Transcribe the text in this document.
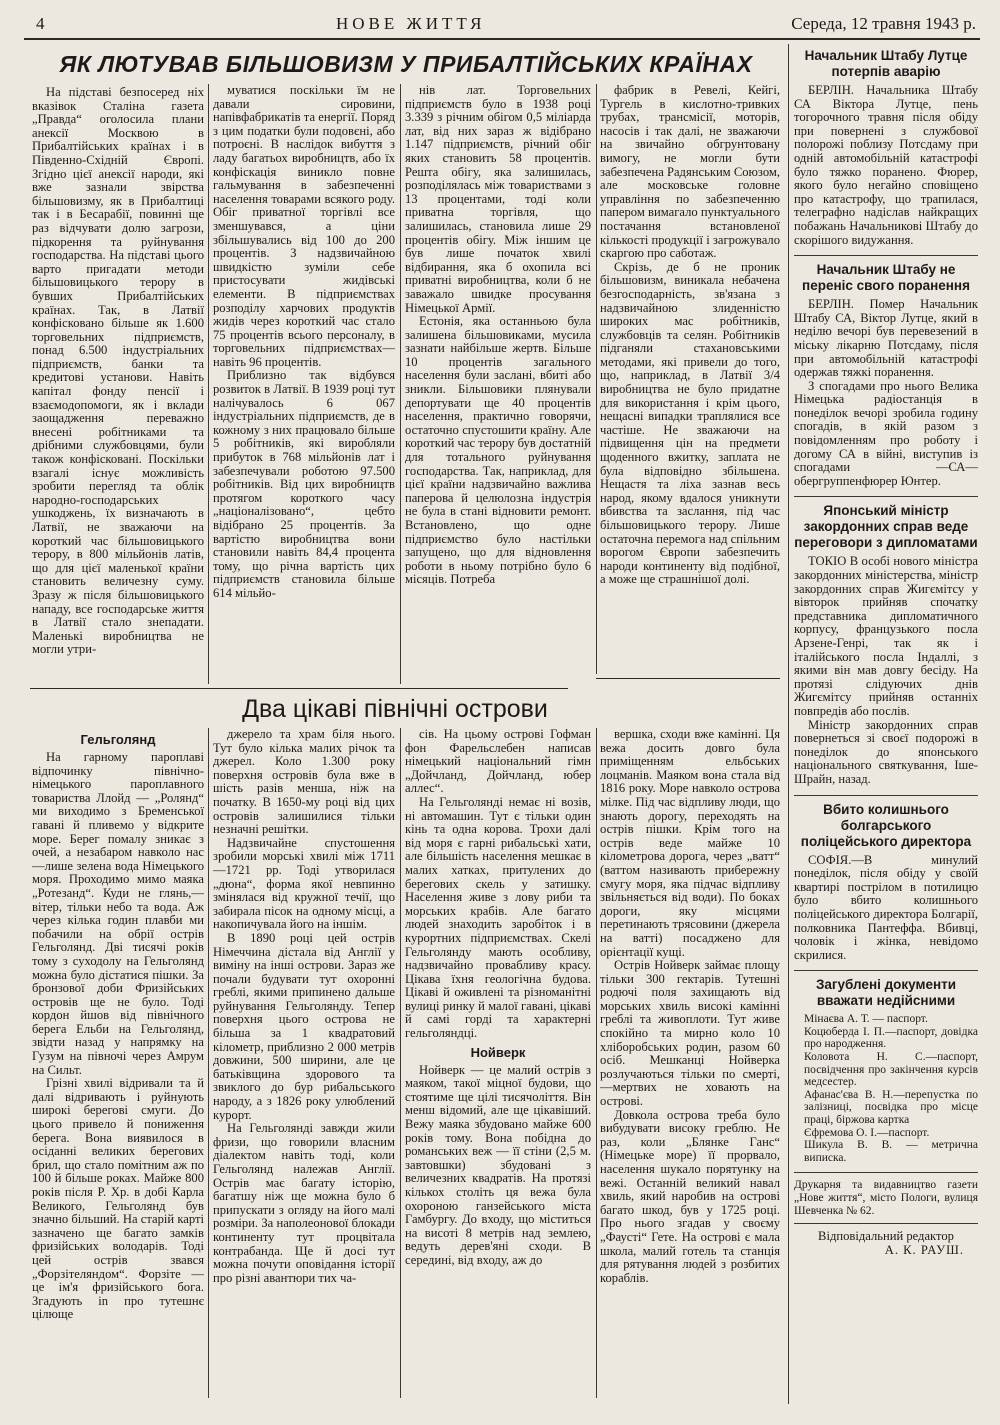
4	НОВЕ ЖИТТЯ	Середа, 12 травня 1943 р.
ЯК ЛЮТУВАВ БІЛЬШОВИЗМ У ПРИБАЛТІЙСЬКИХ КРАЇНАХ

На підставі безпосеред ніх вказівок Сталіна газета „Правда“ оголосила плани анексії Москвою в Прибалтійських країнах і в Південно-Східній Європі. Згідно цієї анексії народи, які вже зазнали звірства більшовизму, як в Прибалтиці так і в Бесарабії, повинні ще раз відчувати долю загрози, підкорення та руйнування господарства. На підставі цього варто пригадати методи більшовицького терору в бувших Прибалтійських країнах. Так, в Латвії конфісковано більше як 1.600 торговельних підприємств, понад 6.500 індустріальних підприємств, банки та кредитові установи. Навіть капітал фонду пенсії і взаємодопомоги, як і вклади заощадження переважно внесені робітниками та дрібними службовцями, були також конфісковані. Поскільки взагалі існує можливість зробити перегляд та облік народно-господарських ушкоджень, їх визначають в Латвії, не зважаючи на короткий час більшовицького терору, в 800 мільйонів латів, що для цієї маленької країни становить величезну суму. Зразу ж після більшовицького нападу, все господарське життя в Латвії стало знепадати. Маленькі виробництва не могли утри-

муватися поскільки їм не давали сировини, напівфабрикатів та енергії. Поряд з цим податки були подовєні, або потроєні. В наслідок вибуття з ладу багатьох виробництв, або їх конфіскація виникло повне гальмування в забезпеченні населення товарами всякого роду. Обіг приватної торгівлі все зменшувався, а ціни збільшувались від 100 до 200 процентів. З надзвичайною швидкістю зуміли себе пристосувати жидівські елементи. В підприємствах розподілу харчових продуктів жидів через короткий час стало 75 процентів всього персоналу, в торговельних підприємствах—навіть 96 процентів.

Приблизно так відбувся розвиток в Латвії. В 1939 році тут налічувалось 6 067 індустріальних підприємств, де в кожному з них працювало більше 5 робітників, які виробляли прибуток в 768 мільйонів лат і забезпечували роботою 97.500 робітників. Від цих виробництв протягом короткого часу „націоналізовано“, цебто відібрано 25 процентів. За вартістю виробництва вони становили навіть 84,4 процента тому, що річна вартість цих підприємств становила більше 614 мільйо-

нів лат. Торговельних підприємств було в 1938 році 3.339 з річним обігом 0,5 міліарда лат, від них зараз ж відібрано 1.147 підприємств, річний обіг яких становить 58 процентів. Решта обігу, яка залишилась, розподілялась між товариствами з 13 процентами, тоді коли приватна торгівля, що залишилась, становила лише 29 процентів обігу. Між іншим це був лише початок хвилі відбирання, яка б охопила всі приватні виробництва, коли б не заважало швидке просування Німецької Армії.

Естонія, яка останньою була залишена більшовиками, мусила зазнати найбільше жертв. Більше 10 процентів загального населення були заслані, вбиті або зникли. Більшовики плянували депортувати ще 40 процентів населення, практично говорячи, остаточно спустошити країну. Але короткий час терору був достатній для тотального руйнування господарства. Так, наприклад, для цієї країни надзвичайно важлива паперова й целюлозна індустрія не була в стані відновити ремонт. Встановлено, що одне підприємство було настільки запущено, що для відновлення роботи в ньому потрібно було 6 місяців. Потреба

фабрик в Ревелі, Кейгі, Тургель в кислотно-тривких трубах, трансмісії, моторів, насосів і так далі, не зважаючи на звичайно обгрунтовану вимогу, не могли бути забезпечена Радянським Союзом, але московське головне управління по забезпеченню папером вимагало пунктуального постачання встановленої кількості продукції і загрожувало скаргою про саботаж.

Скрізь, де б не проник більшовизм, виникала небачена безгосподарність, зв'язана з надзвичайною злиденністю широких мас робітників, службовців та селян. Робітників підганяли стахановськими методами, які привели до того, що, наприклад, в Латвії 3/4 виробництва не було придатне для використання і крім цього, нещасні випадки траплялися все частіше. Не зважаючи на підвищення цін на предмети щоденного вжитку, заплата не була відповідно збільшена. Нещастя та ліха зазнав весь народ, якому вдалося уникнути вбивства та заслання, під час більшовицького терору. Лише остаточна перемога над спільним ворогом Європи забезпечить народи континенту від подібної, а може ще страшнішої долі.

Два цікаві північні острови
Гельголянд

На гарному пароплаві відпочинку північно-німецького пароплавного товариства Ллойд — „Ролянд“ ми виходимо з Бременської гавані й пливемо у відкрите море. Берег помалу зникає з очей, а незабаром навколо нас—лише зелена вода Німецького моря. Проходимо мимо маяка „Ротезанд“. Куди не глянь,—вітер, тільки небо та вода. Аж через кілька годин плавби ми побачили на обрії острів Гельголянд. Дві тисячі років тому з суходолу на Гельголянд можна було дістатися пішки. За бронзової доби Фризійських островів ще не було. Тоді кордон йшов від північного берега Ельби на Гельголянд, звідти назад у напрямку на Гузум на півночі через Амрум на Сильт.

Грізні хвилі відривали та й далі відривають і руйнують широкі берегові смуги. До цього привело й пониження берега. Вона виявилося в осіданні великих берегових брил, що стало помітним аж по 100 й більше роках. Майже 800 років після Р. Хр. в добі Карла Великого, Гельголянд був значно більший. На старій карті зазначено ще багато замків фризійських володарів. Тоді цей острів звався „Форзітеляндом“. Форзіте — це ім'я фризійського бога. Згадують in про тутешнє цілюще

джерело та храм біля нього. Тут було кілька малих річок та джерел. Коло 1.300 року поверхня островів була вже в шість разів менша, ніж на початку. В 1650-му році від цих островів залишилися тільки незначні решітки.

Надзвичайне спустошення зробили морські хвилі між 1711—1721 рр. Тоді утворилася „дюна“, форма якої невпинно змінялася від кружної течії, що забирала пісок на одному місці, а накопичувала його на іншім.

В 1890 році цей острів Німеччина дістала від Англії у виміну на інші острови. Зараз же почали будувати тут охоронні греблі, якими припинено дальше руйнування Гельголянду. Тепер поверхня цього острова не більша за 1 квадратовий кілометр, приблизно 2 000 метрів довжини, 500 ширини, але це батьківщина здорового та звиклого до бур рибальського народу, а з 1826 року улюблений курорт.

На Гельголянді завжди жили фризи, що говорили власним діалектом навіть тоді, коли Гельголянд належав Англії. Острів має багату історію, багатшу ніж ще можна було б припускати з огляду на його малі розміри. За наполеонової блокади континенту тут процвітала контрабанда. Ще й досі тут можна почути оповідання історії про різні авантюри тих ча-

сів. На цьому острові Гофман фон Фарельслебен написав німецький національний гімн „Дойчланд, Дойчланд, юбер аллес“.

На Гельголянді немає ні возів, ні автомашин. Тут є тільки один кінь та одна корова. Трохи далі від моря є гарні рибальські хати, але більшість населення мешкає в малих хатках, притулених до берегових скель у затишку. Населення живе з лову риби та морських крабів. Але багато людей знаходить заробіток і в курортних підприємствах. Скелі Гельголянду мають особливу, надзвичайно провабливу красу. Цікава їхня геологічна будова. Цікаві й оживлені та різноманітні вулиці ринку й малої гавані, цікаві й самі горді та характерні гельголяндці.

Нойверк

Нойверк — це малий острів з маяком, такої міцної будови, що стоятиме ще цілі тисячоліття. Він менш відомий, але ще цікавіший. Вежу маяка збудовано майже 600 років тому. Вона побідна до романських веж — її стіни (2,5 м. завтовшки) збудовані з величезних квадратів. На протязі кількох століть ця вежа була охороною ганзейського міста Гамбургу. До входу, що міститься на висоті 8 метрів над землею, ведуть дерев'яні сходи. В середині, від входу, аж до

вершка, сходи вже камінні. Ця вежа досить довго була приміщенням ельбських лоцманів. Маяком вона стала від 1816 року. Море навколо острова мілке. Під час відпливу люди, що знають дорогу, переходять на острів пішки. Крім того на острів веде майже 10 кілометрова дорога, через „ватт“ (ваттом називають прибережну смугу моря, яка підчас відпливу звільняється від води). По боках дороги, яку місцями перетинають трясовини (джерела на ватті) посаджено для орієнтації кущі.

Острів Нойверк займає площу тільки 300 гектарів. Тутешні родючі поля захищають від морських хвиль високі камінні греблі та живоплоти. Тут живе спокійно та мирно коло 10 хліборобських родин, разом 60 осіб. Мешканці Нойверка розлучаються тільки по смерті,—мертвих не ховають на острові.

Довкола острова треба було вибудувати високу греблю. Не раз, коли „Блянке Ганс“ (Німецьке море) її прорвало, населення шукало порятунку на вежі. Останній великий навал хвиль, який наробив на острові багато шкод, був у 1725 році. Про нього згадав у своєму „Фаусті“ Гете. На острові є мала школа, малий готель та станція для рятування людей з розбитих кораблів.

Начальник Штабу Лутце потерпів аварію

БЕРЛІН. Начальника Штабу СА Віктора Лутце, пень тогорочного травня після обіду при повернені з службової полорожі поблизу Потсдаму при одній автомобільній катастрофі було тяжко поранено. Фюрер, якого було негайно сповіщено про катастрофу, що трапилася, телеграфно надіслав найкращих побажань Начальникові Штабу до скорішого видужання.

Начальник Штабу не переніс свого поранення

БЕРЛІН. Помер Начальник Штабу СА, Віктор Лутце, який в неділю вечорі був перевезений в міську лікарню Потсдаму, після при автомобільній катастрофі одержав тяжкі поранення.

З спогадами про нього Велика Німецька радіостанція в понеділок вечорі зробила годину спогадів, в якій разом з повідомленням про роботу і догому СА в війні, виступив із спогадами —СА— обергруппенфюрер Юнтер.

Японський міністр закордонних справ веде переговори з дипломатами

ТОКІО В особі нового міністра закордонних міністерства, міністр закордонних справ Жигємітсу у вівторок прийняв спочатку представника дипломатичного корпусу, французького посла Арзене-Генрі, так як і італійського посла Індаллі, з якими він мав довгу бесіду. На протязі слідуючих днів Жигємітсу прийняв останніх повпредів або послів.

Міністр закордонних справ повернеться зі своєї подорожі в понеділок до японського національного святкування, Іше-Шрайн, назад.

Вбито колишнього болгарського поліцейського директора

СОФІЯ.—В минулий понеділок, після обіду у своїй квартирі пострілом в потилицю було вбито колишнього поліцейського директора Болгарії, полковника Пантеффа. Вбивці, чоловік і жінка, невідомо скрилися.

Загублені документи вважати недійсними

Мінаєва А. Т. — паспорт.

Коцюберда І. П.—паспорт, довідка про народження.

Коловота Н. С.—паспорт, посвідчення про закінчення курсів медсестер.

Афанас'єва В. Н.—перепустка по залізниці, посвідка про місце праці, біржова картка

Єфремова О. І.—паспорт.

Шикула В. В. — метрична виписка.

Друкарня та видавництво газети „Нове життя“, місто Пологи, вулиця Шевченка № 62.
Відповідальний редактор
А. К. РАУШ.
